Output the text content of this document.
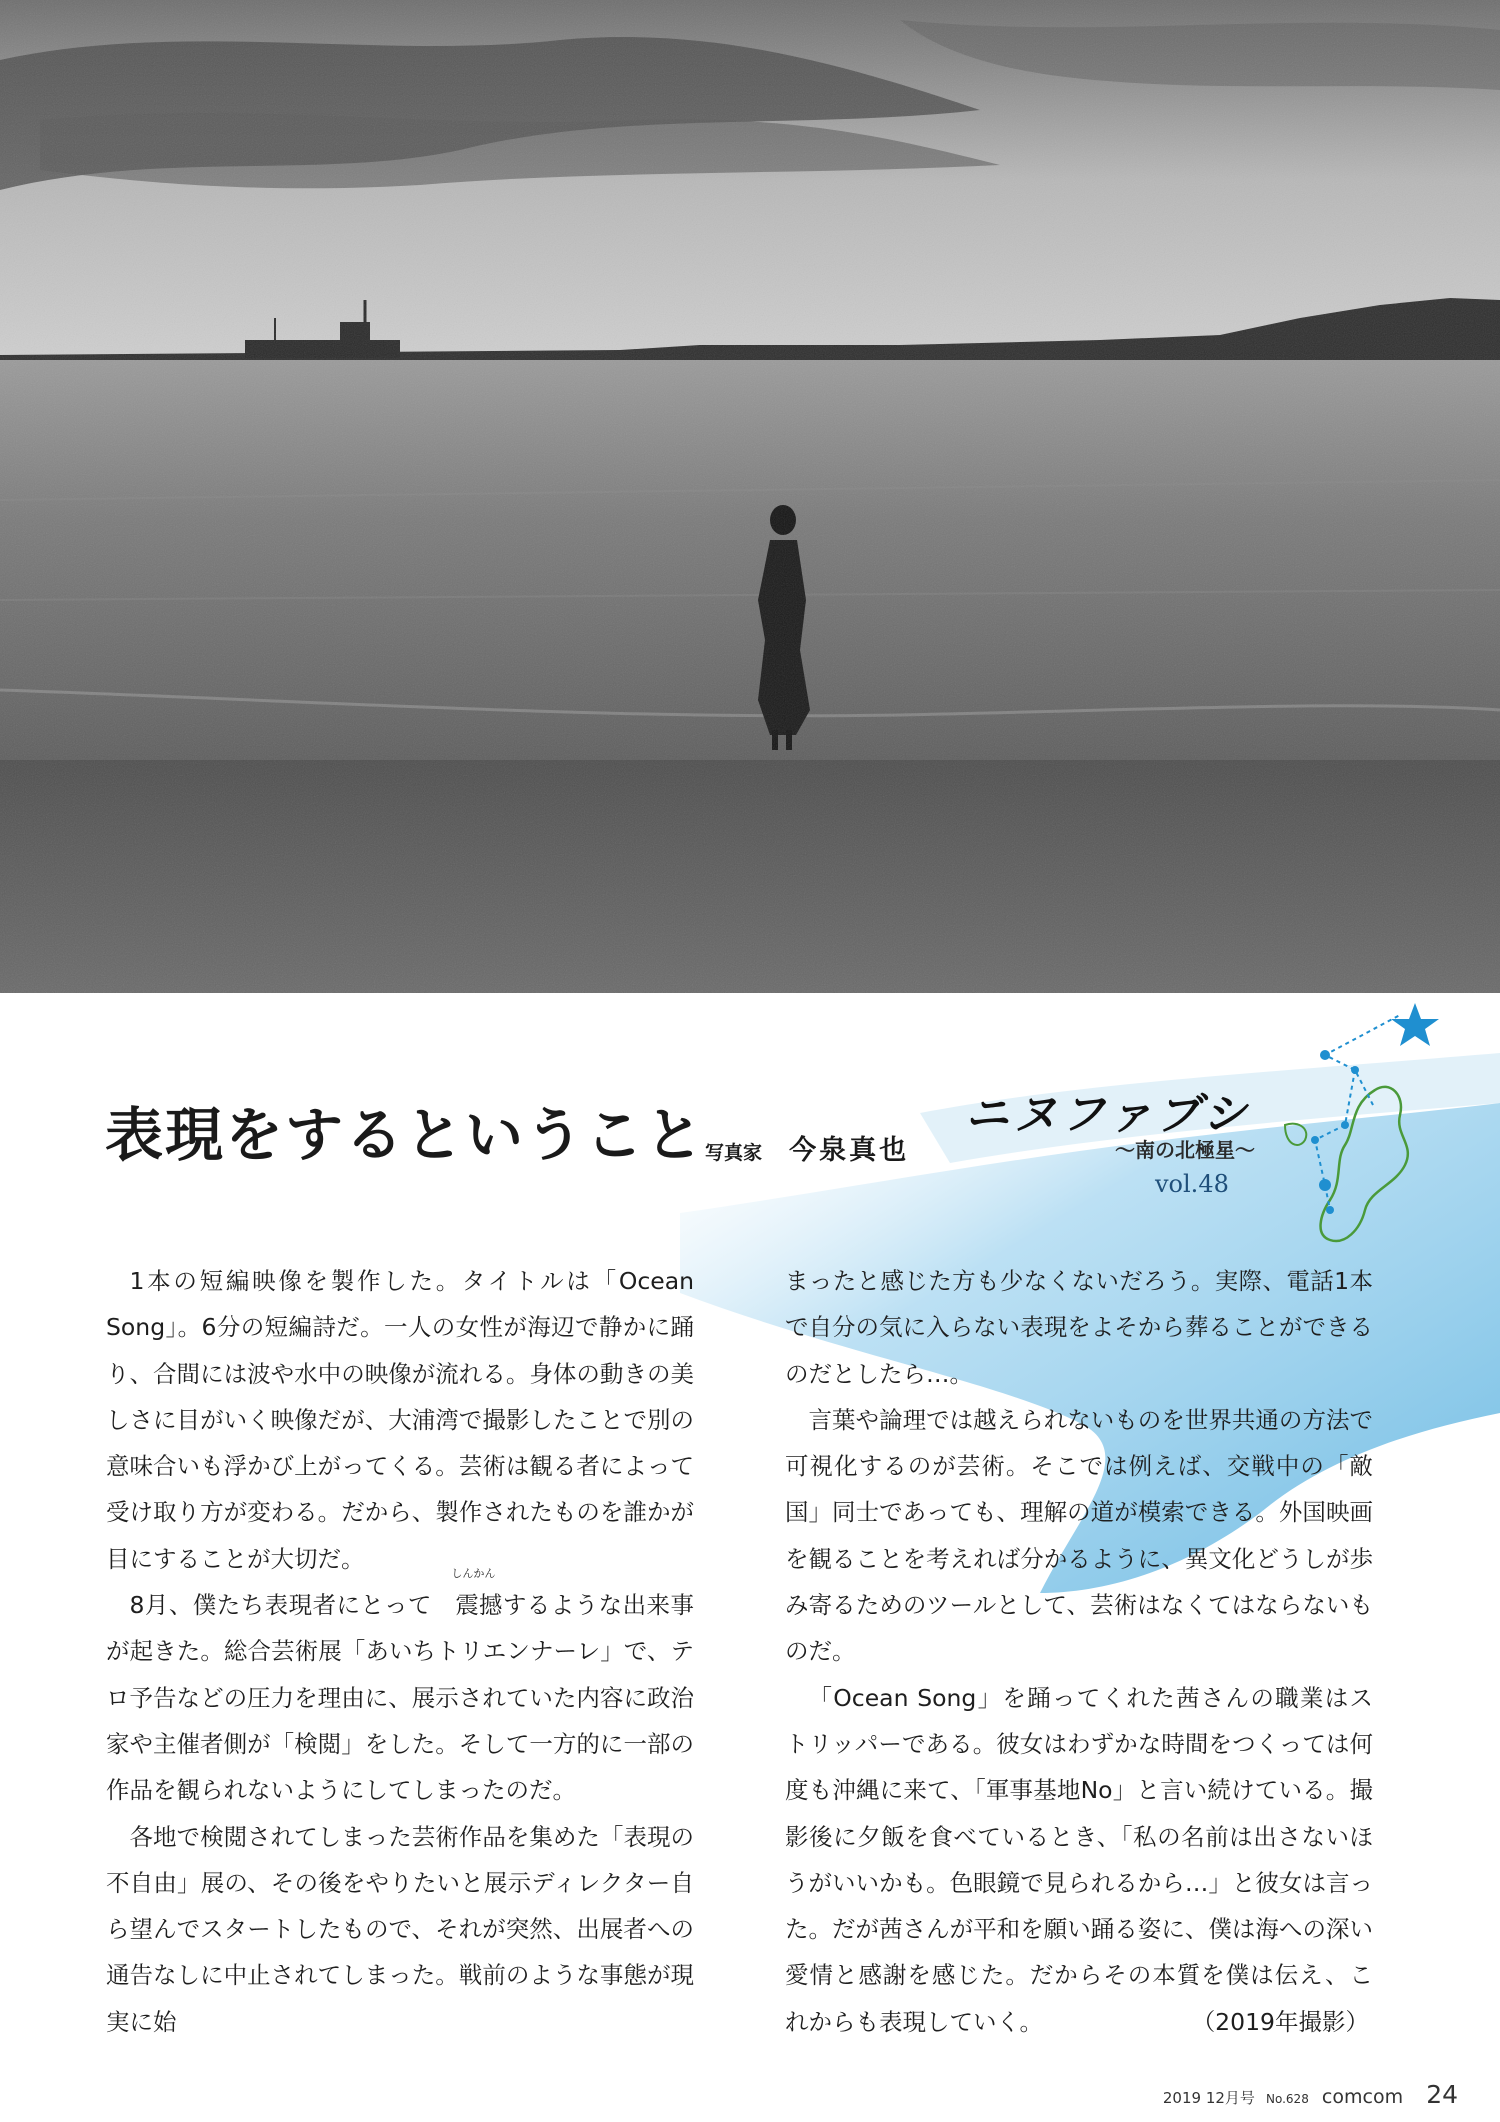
表現をするということ 写真家 今泉真也
ニヌファブシ
〜南の北極星〜
vol.48

1本の短編映像を製作した。タイトルは「Ocean Song」。6分の短編詩だ。一人の女性が海辺で静かに踊り、合間には波や水中の映像が流れる。身体の動きの美しさに目がいく映像だが、大浦湾で撮影したことで別の意味合いも浮かび上がってくる。芸術は観る者によって受け取り方が変わる。だから、製作されたものを誰かが目にすることが大切だ。

8月、僕たち表現者にとって
しんかん
震撼するような出来事が起きた。総合芸術展「あいちトリエンナーレ」で、テロ予告などの圧力を理由に、展示されていた内容に政治家や主催者側が「検閲」をした。そして一方的に一部の作品を観られないようにしてしまったのだ。

各地で検閲されてしまった芸術作品を集めた「表現の不自由」展の、その後をやりたいと展示ディレクター自ら望んでスタートしたもので、それが突然、出展者への通告なしに中止されてしまった。戦前のような事態が現実に始

まったと感じた方も少なくないだろう。実際、電話1本で自分の気に入らない表現をよそから葬ることができるのだとしたら…。

言葉や論理では越えられないものを世界共通の方法で可視化するのが芸術。そこでは例えば、交戦中の「敵国」同士であっても、理解の道が模索できる。外国映画を観ることを考えれば分かるように、異文化どうしが歩み寄るためのツールとして、芸術はなくてはならないものだ。

「Ocean Song」を踊ってくれた茜さんの職業はストリッパーである。彼女はわずかな時間をつくっては何度も沖縄に来て、「軍事基地No」と言い続けている。撮影後に夕飯を食べているとき、「私の名前は出さないほうがいいかも。色眼鏡で見られるから…」と彼女は言った。だが茜さんが平和を願い踊る姿に、僕は海への深い愛情と感謝を感じた。だからその本質を僕は伝え、これからも表現していく。	（2019年撮影）
2019 12月号 No.628 comcom 24
